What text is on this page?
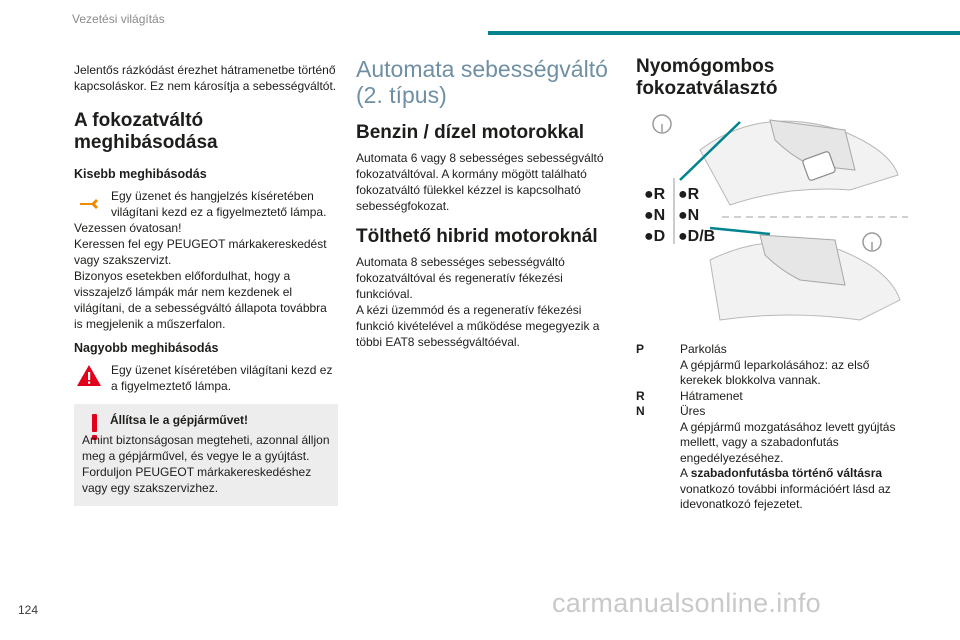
Vezetési világítás

Jelentős rázkódást érezhet hátramenetbe történő kapcsoláskor. Ez nem károsítja a sebességváltót.

A fokozatváltó meghibásodása
Kisebb meghibásodás

Egy üzenet és hangjelzés kíséretében világítani kezd ez a figyelmeztető lámpa.

Vezessen óvatosan!

Keressen fel egy PEUGEOT márkakereskedést vagy szakszervizt.

Bizonyos esetekben előfordulhat, hogy a visszajelző lámpák már nem kezdenek el világítani, de a sebességváltó állapota továbbra is megjelenik a műszerfalon.

Nagyobb meghibásodás

Egy üzenet kíséretében világítani kezd ez a figyelmeztető lámpa.

Állítsa le a gépjárművet!

Amint biztonságosan megteheti, azonnal álljon meg a gépjárművel, és vegye le a gyújtást.

Forduljon PEUGEOT márkakereskedéshez vagy egy szakszervizhez.

Automata sebességváltó (2. típus)
Benzin / dízel motorokkal

Automata 6 vagy 8 sebességes sebességváltó fokozatváltóval. A kormány mögött található fokozatváltó fülekkel kézzel is kapcsolható sebességfokozat.

Tölthető hibrid motoroknál

Automata 8 sebességes sebességváltó fokozatváltóval és regeneratív fékezési funkcióval.

A kézi üzemmód és a regeneratív fékezési funkció kivételével a működése megegyezik a többi EAT8 sebességváltóéval.

Nyomógombos fokozatválasztó
●R
●N
●D
●R
●N
●D/B
P	Parkolás
A gépjármű leparkolásához: az első kerekek blokkolva vannak.
R	Hátramenet
N	Üres
A gépjármű mozgatásához levett gyújtás mellett, vagy a szabadonfutás engedélyezéséhez.
A szabadonfutásba történő váltásra vonatkozó további információért lásd az idevonatkozó fejezetet.
124	carmanualsonline.info
